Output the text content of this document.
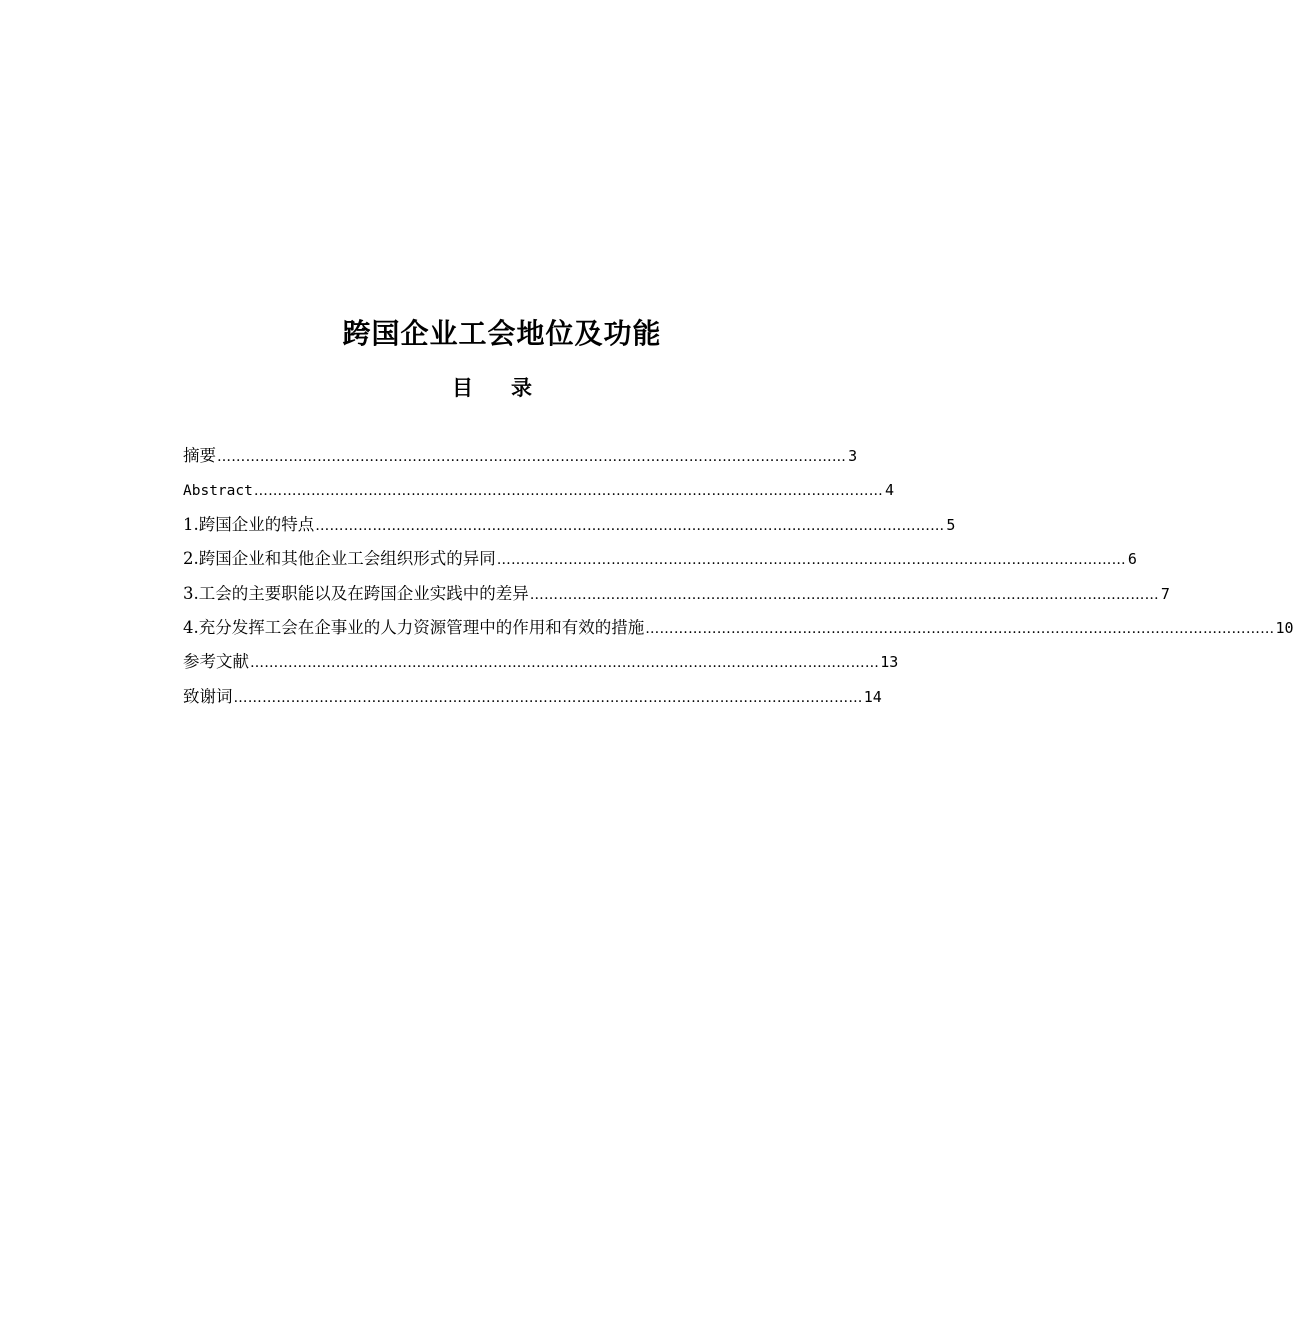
跨国企业工会地位及功能
目 录
摘要 …………………………………………………………………………………………………………………… 3
Abstract …………………………………………………………………………………………………………………… 4
1.跨国企业的特点 …………………………………………………………………………………………………………………… 5
2.跨国企业和其他企业工会组织形式的异同 …………………………………………………………………………………………………………………… 6
3.工会的主要职能以及在跨国企业实践中的差异 …………………………………………………………………………………………………………………… 7
4.充分发挥工会在企事业的人力资源管理中的作用和有效的措施 …………………………………………………………………………………………………………………… 10
参考文献 …………………………………………………………………………………………………………………… 13
致谢词 …………………………………………………………………………………………………………………… 14
